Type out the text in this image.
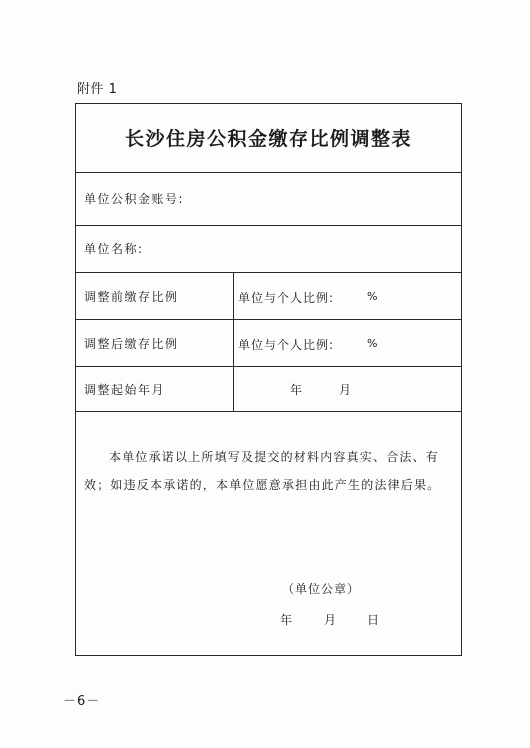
附件 1
长沙住房公积金缴存比例调整表
单位公积金账号:
单位名称:
调整前缴存比例	单位与个人比例:	%
调整后缴存比例	单位与个人比例:	%
调整起始年月	年	月
本单位承诺以上所填写及提交的材料内容真实、合法、有效；如违反本承诺的，本单位愿意承担由此产生的法律后果。
（单位公章）
年	月	日
－6－
